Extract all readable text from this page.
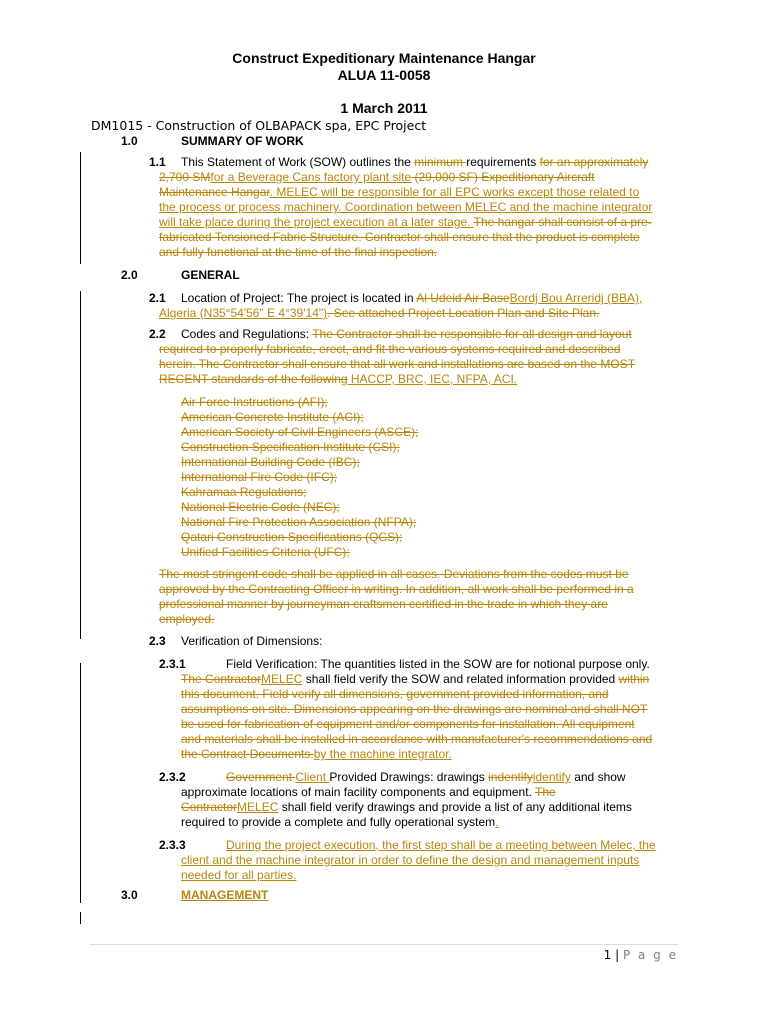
Construct Expeditionary Maintenance Hangar
ALUA 11-0058
1 March 2011
DM1015 - Construction of OLBAPACK spa, EPC Project
1.0	SUMMARY OF WORK
1.1 This Statement of Work (SOW) outlines the minimum requirements for an approximately
2,700 SMfor a Beverage Cans factory plant site (29,000 SF) Expeditionary Aircraft
Maintenance Hangar. MELEC will be responsible for all EPC works except those related to
the process or process machinery. Coordination between MELEC and the machine integrator
will take place during the project execution at a later stage. The hangar shall consist of a pre-
fabricated Tensioned Fabric Structure. Contractor shall ensure that the product is complete
and fully functional at the time of the final inspection.
2.0	GENERAL
2.1 Location of Project: The project is located in Al Udeid Air BaseBordj Bou Arreridj (BBA),
Algeria (N35°54'56" E 4°39'14"). See attached Project Location Plan and Site Plan.
2.2 Codes and Regulations: The Contractor shall be responsible for all design and layout
required to properly fabricate, erect, and fit the various systems required and described
herein. The Contractor shall ensure that all work and installations are based on the MOST
RECENT standards of the following HACCP, BRC, IEC, NFPA, ACI.
Air Force Instructions (AFI);
American Concrete Institute (ACI);
American Society of Civil Engineers (ASCE);
Construction Specification Institute (CSI);
International Building Code (IBC);
International Fire Code (IFC);
Kahramaa Regulations;
National Electric Code (NEC);
National Fire Protection Association (NFPA);
Qatari Construction Specifications (QCS);
Unified Facilities Criteria (UFC);
The most stringent code shall be applied in all cases. Deviations from the codes must be
approved by the Contracting Officer in writing. In addition, all work shall be performed in a
professional manner by journeyman craftsmen certified in the trade in which they are
employed.
2.3 Verification of Dimensions:
2.3.1	Field Verification: The quantities listed in the SOW are for notional purpose only.
The ContractorMELEC shall field verify the SOW and related information provided within
this document. Field verify all dimensions, government provided information, and
assumptions on site. Dimensions appearing on the drawings are nominal and shall NOT
be used for fabrication of equipment and/or components for installation. All equipment
and materials shall be installed in accordance with manufacturer's recommendations and
the Contract Documents.by the machine integrator.
2.3.2	Government Client Provided Drawings: drawings indentifyidentify and show
approximate locations of main facility components and equipment. The
ContractorMELEC shall field verify drawings and provide a list of any additional items
required to provide a complete and fully operational system.
2.3.3	During the project execution, the first step shall be a meeting between Melec, the
client and the machine integrator in order to define the design and management inputs
needed for all parties.
3.0	MANAGEMENT
1 | P a g e
